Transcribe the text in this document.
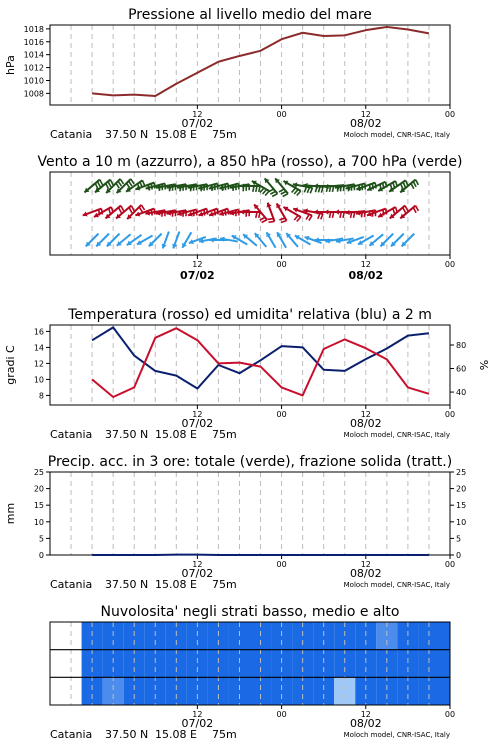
Pressione al livello medio del mare
12	00	12	00
1008
1010
1012
1014
1016
1018
hPa
07/02	08/02
Catania 37.50 N 15.08 E 75m	Moloch model, CNR-ISAC, Italy
Vento a 10 m (azzurro), a 850 hPa (rosso), a 700 hPa (verde)
12	00	12	00
07/02	08/02
Temperatura (rosso) ed umidita' relativa (blu) a 2 m
12	00	12	00
8
10
12
14
16
40
60
80
gradi C	%
07/02	08/02
Catania 37.50 N 15.08 E 75m	Moloch model, CNR-ISAC, Italy
Precip. acc. in 3 ore: totale (verde), frazione solida (tratt.)
12	00	12	00
0
5
10
15
20
25
0
5
10
15
20
25
mm
07/02	08/02
Catania 37.50 N 15.08 E 75m	Moloch model, CNR-ISAC, Italy
Nuvolosita' negli strati basso, medio e alto
12	00	12	00
07/02	08/02
Catania 37.50 N 15.08 E 75m	Moloch model, CNR-ISAC, Italy
